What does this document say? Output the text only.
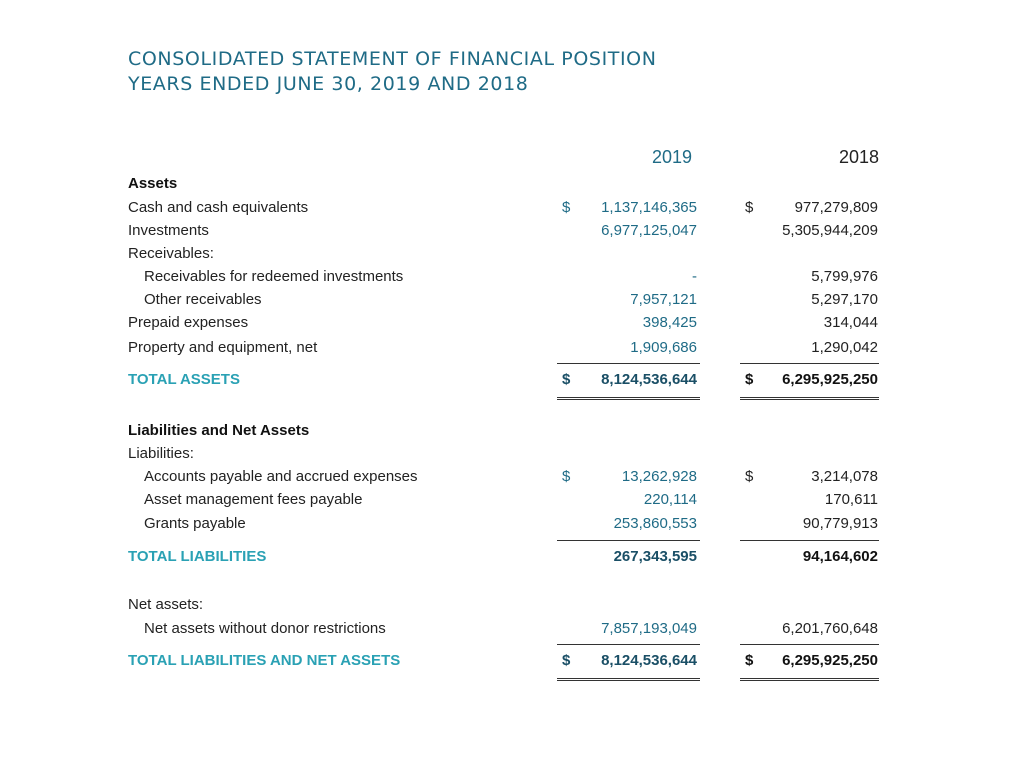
CONSOLIDATED STATEMENT OF FINANCIAL POSITION
YEARS ENDED JUNE 30, 2019 AND 2018
2019	2018
Assets
Cash and cash equivalents	$	1,137,146,365	$	977,279,809
Investments	6,977,125,047	5,305,944,209
Receivables:
Receivables for redeemed investments	-	5,799,976
Other receivables	7,957,121	5,297,170
Prepaid expenses	398,425	314,044
Property and equipment, net	1,909,686	1,290,042
TOTAL ASSETS	$	8,124,536,644	$	6,295,925,250
Liabilities and Net Assets
Liabilities:
Accounts payable and accrued expenses	$	13,262,928	$	3,214,078
Asset management fees payable	220,114	170,611
Grants payable	253,860,553	90,779,913
TOTAL LIABILITIES	267,343,595	94,164,602
Net assets:
Net assets without donor restrictions	7,857,193,049	6,201,760,648
TOTAL LIABILITIES AND NET ASSETS	$	8,124,536,644	$	6,295,925,250
